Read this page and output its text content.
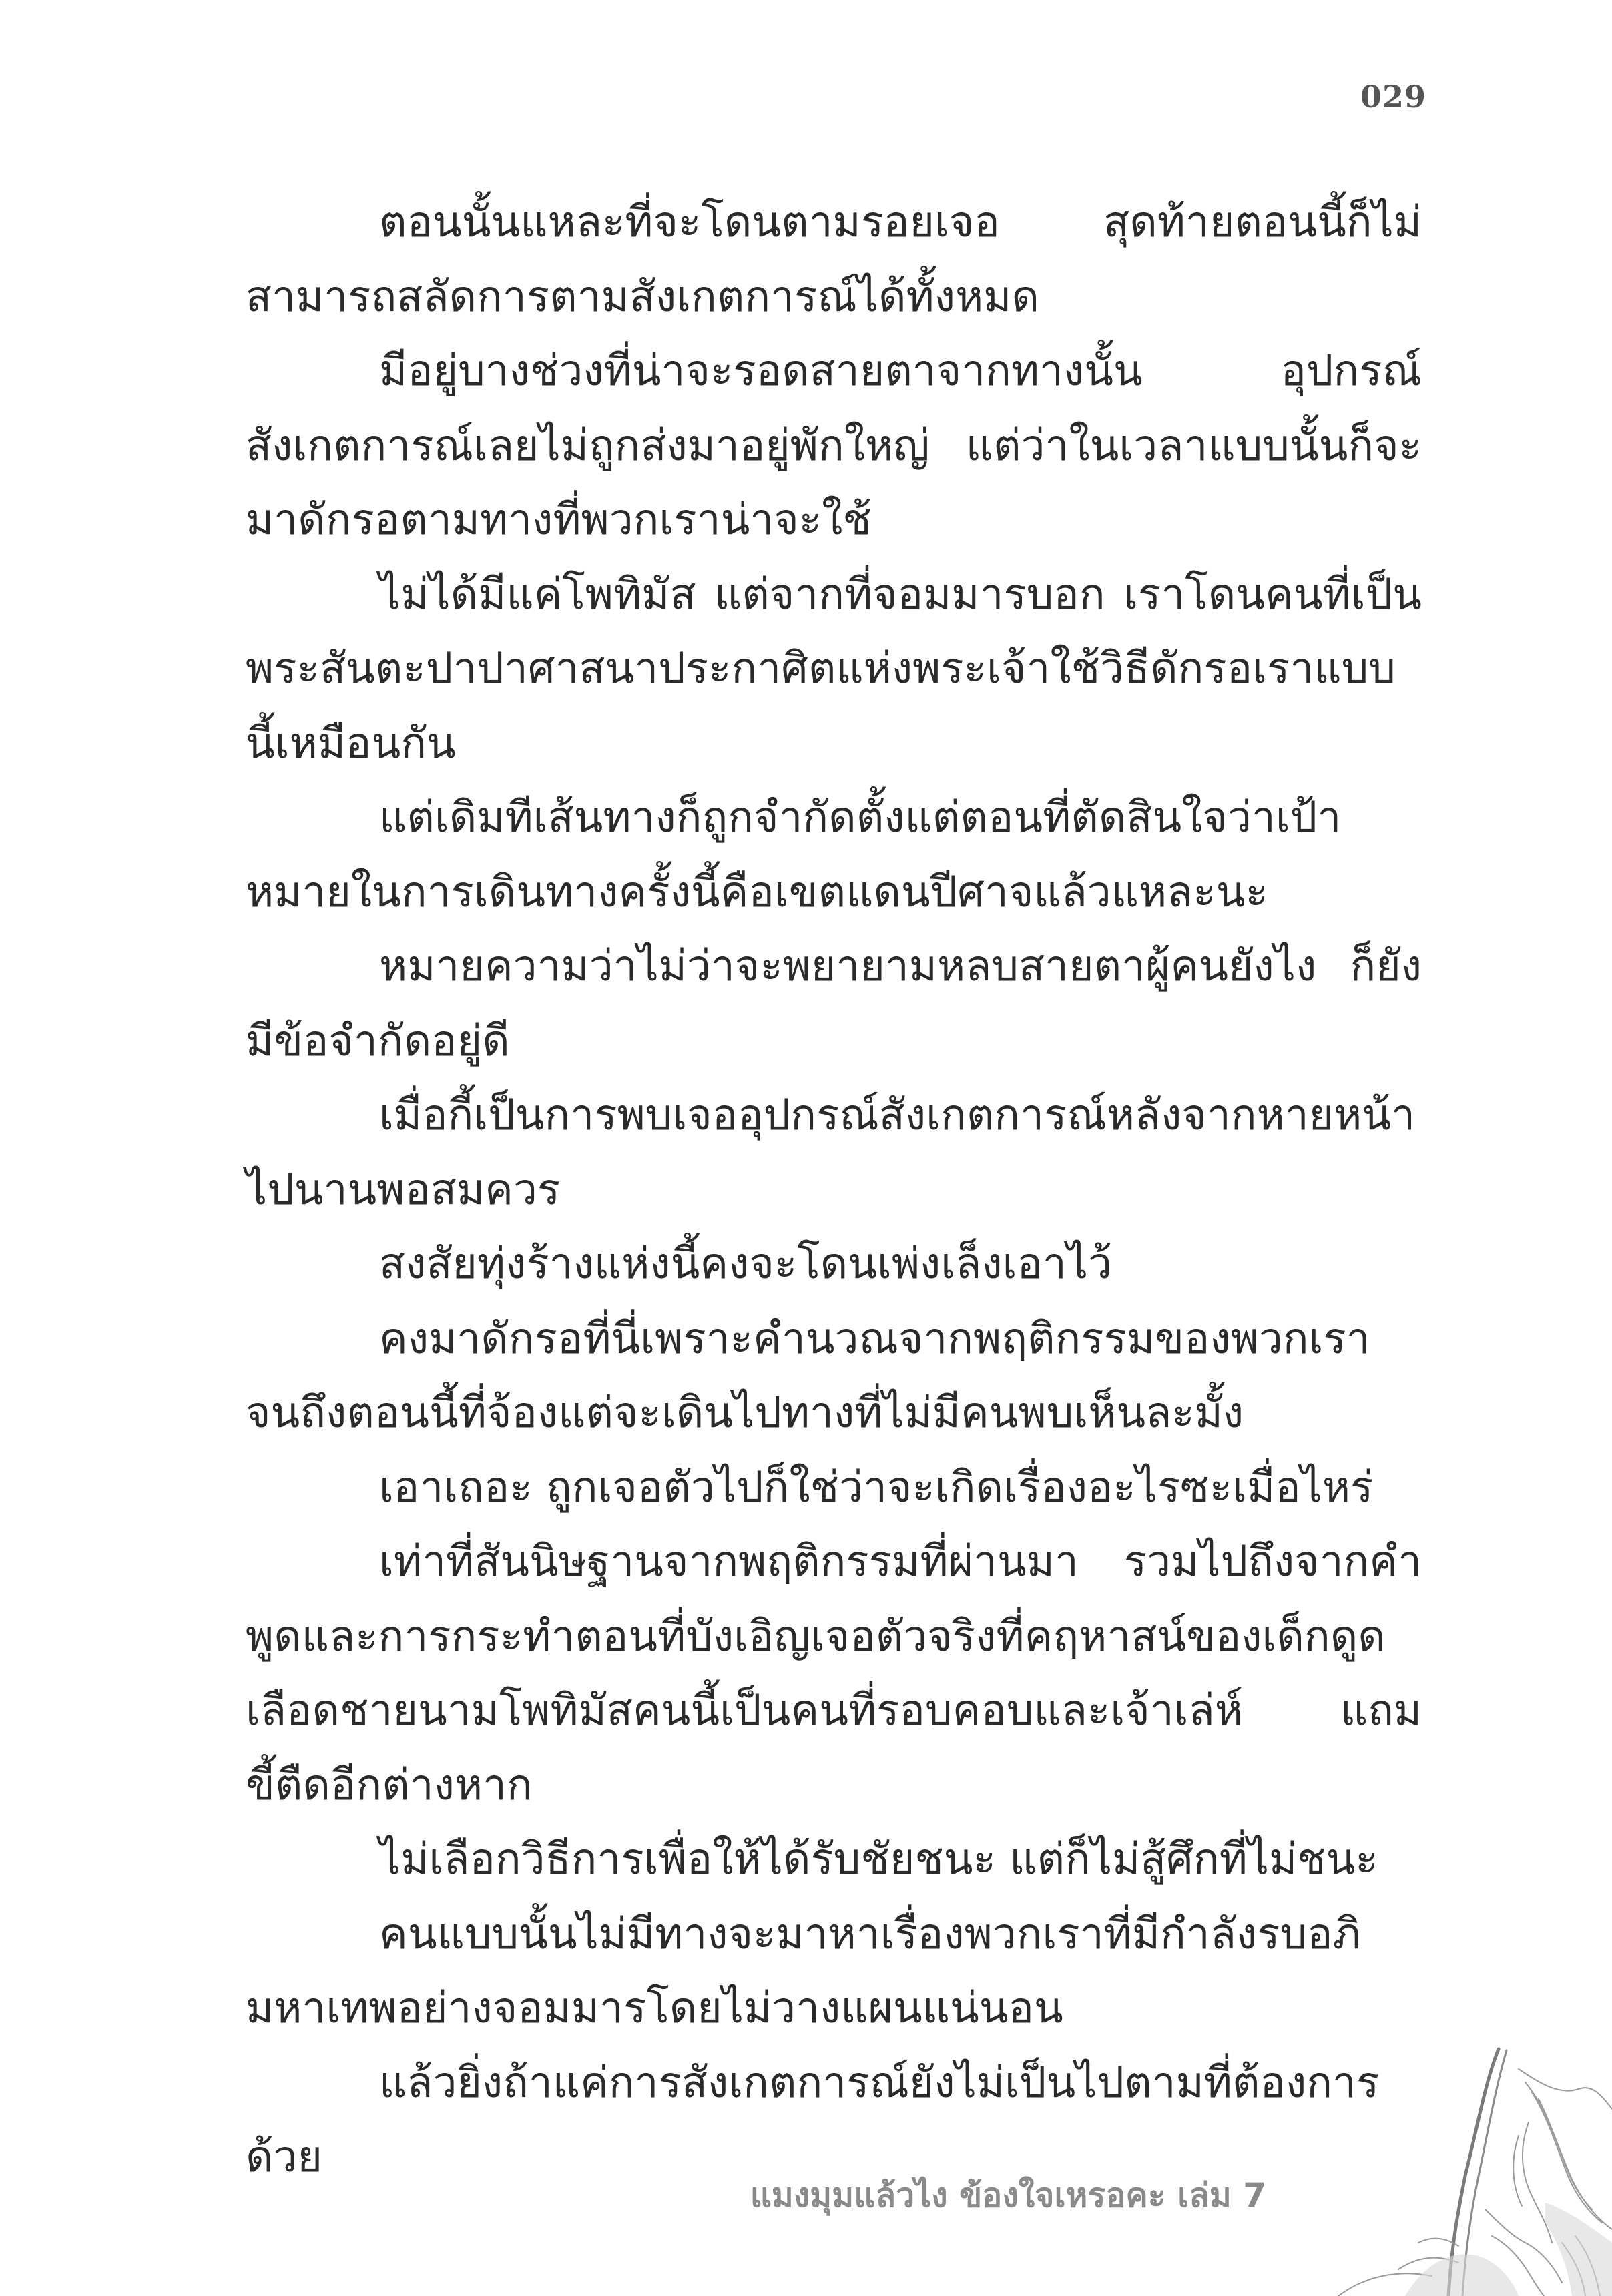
029

ตอนนั้นแหละที่จะโดนตามรอยเจอ สุดท้ายตอนนี้ก็ไม่สามารถสลัดการตามสังเกตการณ์ได้ทั้งหมด

มีอยู่บางช่วงที่น่าจะรอดสายตาจากทางนั้น อุปกรณ์สังเกตการณ์เลยไม่ถูกส่งมาอยู่พักใหญ่ แต่ว่าในเวลาแบบนั้นก็จะมาดักรอตามทางที่พวกเราน่าจะใช้

ไม่ได้มีแค่โพทิมัส แต่จากที่จอมมารบอก เราโดนคนที่เป็นพระสันตะปาปาศาสนาประกาศิตแห่งพระเจ้าใช้วิธีดักรอเราแบบนี้เหมือนกัน

แต่เดิมทีเส้นทางก็ถูกจำกัดตั้งแต่ตอนที่ตัดสินใจว่าเป้าหมายในการเดินทางครั้งนี้คือเขตแดนปีศาจแล้วแหละนะ

หมายความว่าไม่ว่าจะพยายามหลบสายตาผู้คนยังไง ก็ยังมีข้อจำกัดอยู่ดี

เมื่อกี้เป็นการพบเจออุปกรณ์สังเกตการณ์หลังจากหายหน้าไปนานพอสมควร

สงสัยทุ่งร้างแห่งนี้คงจะโดนเพ่งเล็งเอาไว้

คงมาดักรอที่นี่เพราะคำนวณจากพฤติกรรมของพวกเราจนถึงตอนนี้ที่จ้องแต่จะเดินไปทางที่ไม่มีคนพบเห็นละมั้ง

เอาเถอะ ถูกเจอตัวไปก็ใช่ว่าจะเกิดเรื่องอะไรซะเมื่อไหร่

เท่าที่สันนิษฐานจากพฤติกรรมที่ผ่านมา รวมไปถึงจากคำพูดและการกระทำตอนที่บังเอิญเจอตัวจริงที่คฤหาสน์ของเด็กดูดเลือดชายนามโพทิมัสคนนี้เป็นคนที่รอบคอบและเจ้าเล่ห์ แถมขี้ตืดอีกต่างหาก

ไม่เลือกวิธีการเพื่อให้ได้รับชัยชนะ แต่ก็ไม่สู้ศึกที่ไม่ชนะ

คนแบบนั้นไม่มีทางจะมาหาเรื่องพวกเราที่มีกำลังรบอภิมหาเทพอย่างจอมมารโดยไม่วางแผนแน่นอน

แล้วยิ่งถ้าแค่การสังเกตการณ์ยังไม่เป็นไปตามที่ต้องการด้วย

แมงมุมแล้วไง ข้องใจเหรอคะ เล่ม 7
